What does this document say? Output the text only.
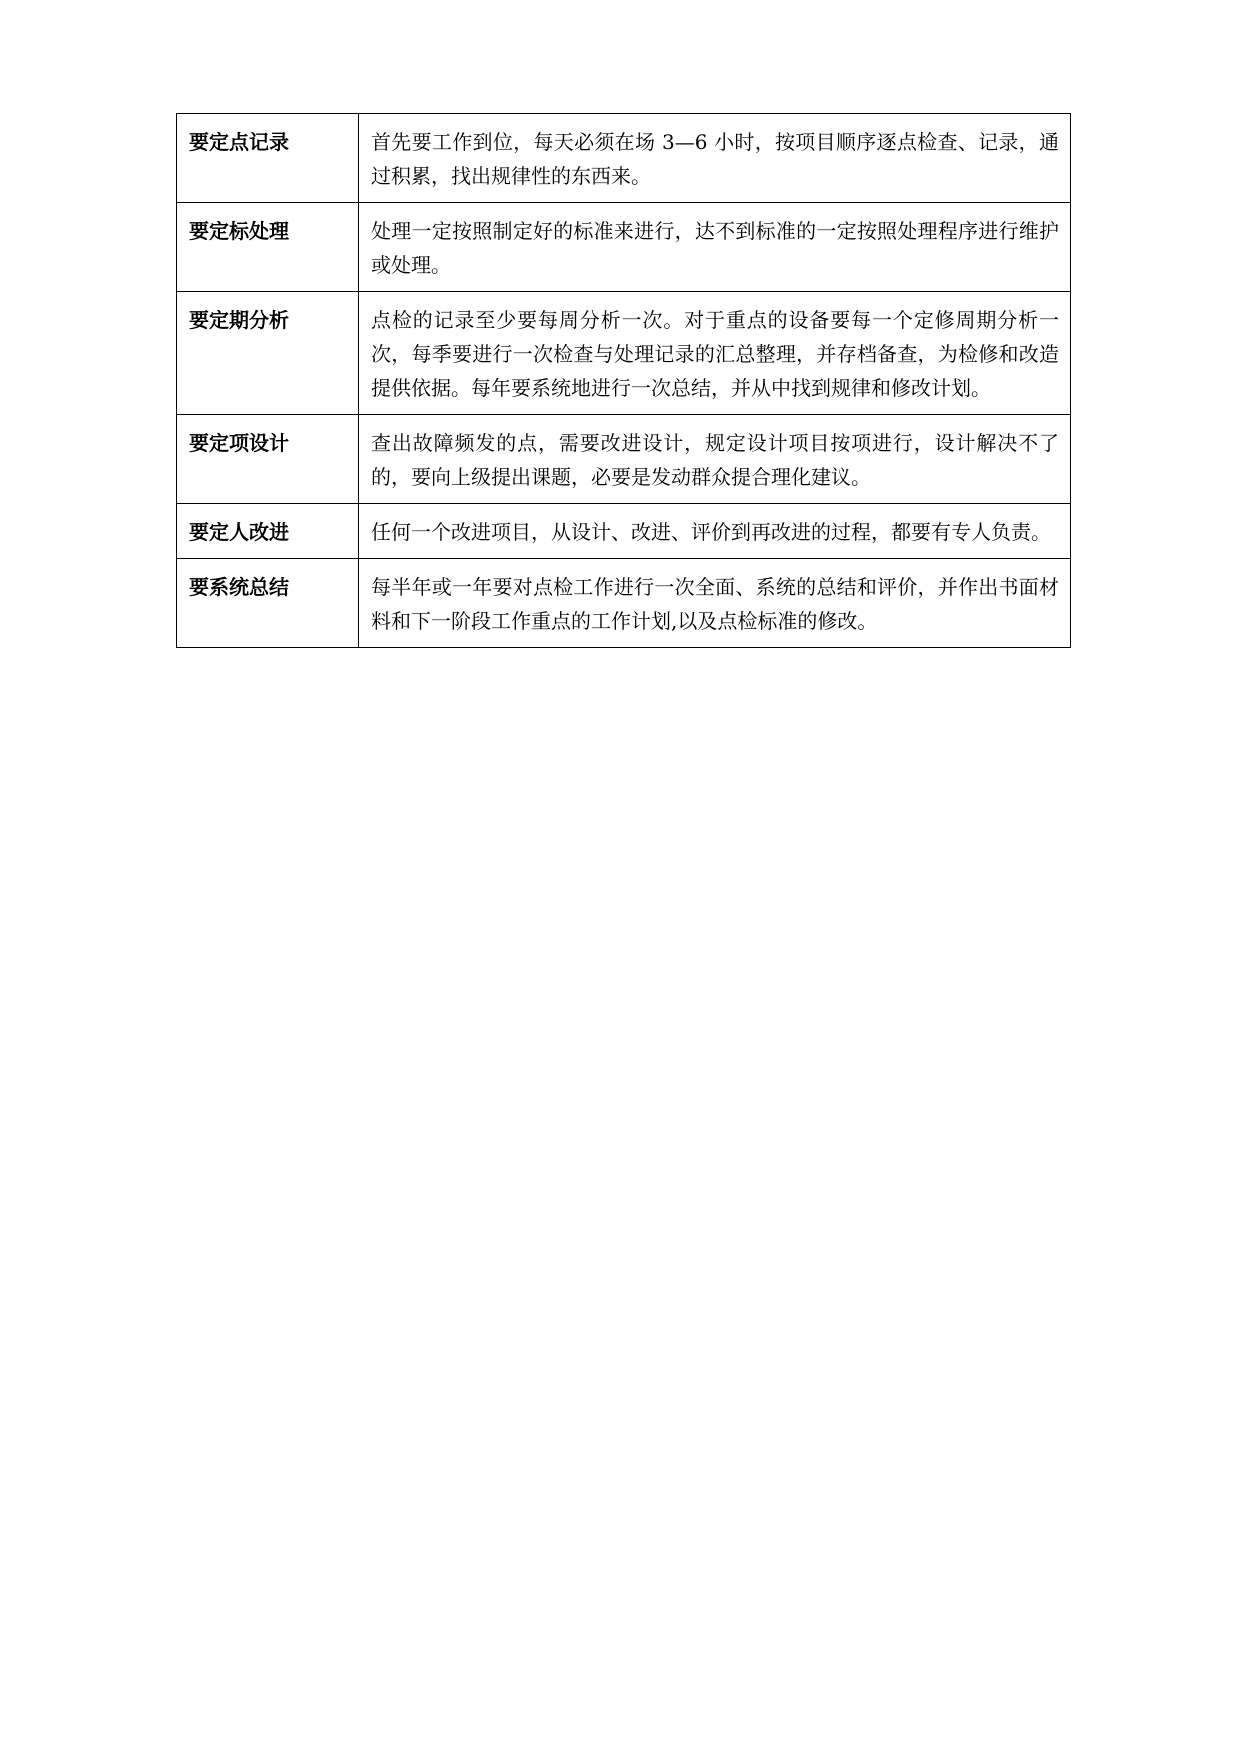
要定点记录	首先要工作到位，每天必须在场 3—6 小时，按项目顺序逐点检查、记录，通过积累，找出规律性的东西来。
要定标处理	处理一定按照制定好的标准来进行，达不到标准的一定按照处理程序进行维护或处理。
要定期分析	点检的记录至少要每周分析一次。对于重点的设备要每一个定修周期分析一次，每季要进行一次检查与处理记录的汇总整理，并存档备查，为检修和改造提供依据。每年要系统地进行一次总结，并从中找到规律和修改计划。
要定项设计	查出故障频发的点，需要改进设计，规定设计项目按项进行，设计解决不了的，要向上级提出课题，必要是发动群众提合理化建议。
要定人改进	任何一个改进项目，从设计、改进、评价到再改进的过程，都要有专人负责。
要系统总结	每半年或一年要对点检工作进行一次全面、系统的总结和评价，并作出书面材料和下一阶段工作重点的工作计划,以及点检标准的修改。
